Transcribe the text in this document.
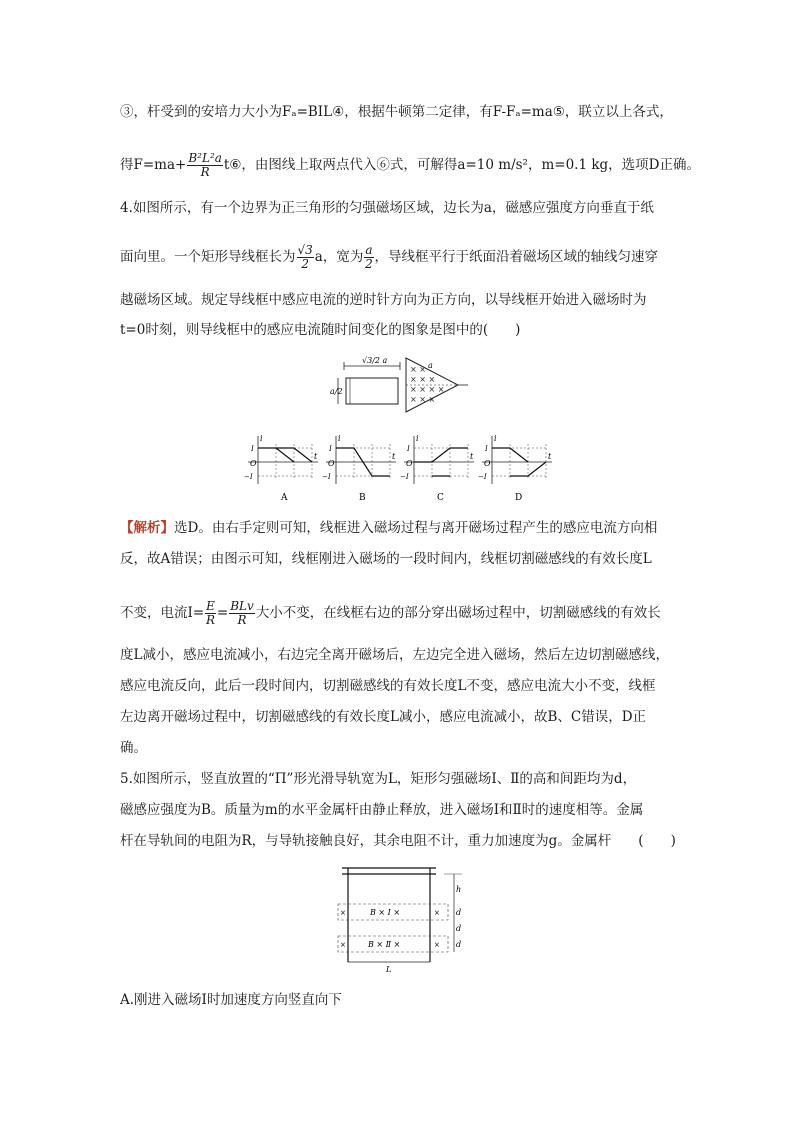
③，杆受到的安培力大小为Fₐ=BIL④，根据牛顿第二定律，有F-Fₐ=ma⑤，联立以上各式，
得$F=ma+ \frac{\text{B²L²a}}{R}$ t⑥，由图线上取两点代入⑥式，可解得a=10 m/s²，m=0.1 kg，选项D正确。
4.如图所示，有一个边界为正三角形的匀强磁场区域，边长为a，磁感应强度方向垂直于纸
面向里。一个矩形导线框长为 $\frac{√3}{2}$ a，宽为 $\frac{a}{2}$ ，导线框平行于纸面沿着磁场区域的轴线匀速穿
越磁场区域。规定导线框中感应电流的逆时针方向为正方向，以导线框开始进入磁场时为
t=0时刻，则导线框中的感应电流随时间变化的图象是图中的(　　)
√3/2 a
a/2
a
× ×
× × ×
× × × ×
× × ×
i
t
O
I
−I
A
i
t
O
I
−I
B
i
t
O
I
−I
C
i
t
O
I
−I
D
【解析】选D。由右手定则可知，线框进入磁场过程与离开磁场过程产生的感应电流方向相
反，故A错误；由图示可知，线框刚进入磁场的一段时间内，线框切割磁感线的有效长度L
不变，电流$I= \frac{E}{R} = \frac{\text{BLv}}{R}$ 大小不变，在线框右边的部分穿出磁场过程中，切割磁感线的有效长
度L减小，感应电流减小，右边完全离开磁场后，左边完全进入磁场，然后左边切割磁感线，
感应电流反向，此后一段时间内，切割磁感线的有效长度L不变，感应电流大小不变，线框
左边离开磁场过程中，切割磁感线的有效长度L减小，感应电流减小，故B、C错误，D正
确。
5.如图所示，竖直放置的“Π”形光滑导轨宽为L，矩形匀强磁场Ⅰ、Ⅱ的高和间距均为d，
磁感应强度为B。质量为m的水平金属杆由静止释放，进入磁场Ⅰ和Ⅱ时的速度相等。金属
杆在导轨间的电阻为R，与导轨接触良好，其余电阻不计，重力加速度为g。金属杆　　(　　)
×	×
B × Ⅰ ×
×	×
B × Ⅱ ×
h
d
d
d
L
A.刚进入磁场Ⅰ时加速度方向竖直向下
